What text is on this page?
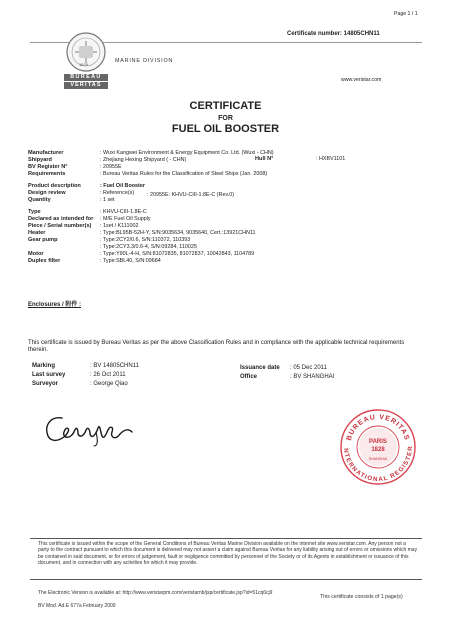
Page 1 / 1
Certificate number: 14805CHN11
1828
BUREAU
VERITAS
MARINE DIVISION
www.veristar.com
CERTIFICATE
FOR
FUEL OIL BOOSTER
Manufacturer	: Wuxi Kangwei Environment & Energy Equipment Co. Ltd. (Wuxi - CHN)
Shipyard	: Zhejiang Hexing Shipyard ( - CHN)
BV Register N°	: 20955E
Hull N°	: HXBV1101
Requirements	: Bureau Veritas Rules for the Classification of Steel Ships (Jan. 2008)
Product description	: Fuel Oil Booster
Design review	: Reference(s) : 20955E: KHVU-CIII-1.8E-C (Rev.0)
Quantity	: 1 set
Type	: KHVU-CIII-1.8E-C
Declared as intended for : M/E Fuel Oil Supply
Piece / Serial number(s) : 1set / K111002
Heater	: Type:BL95B-52H-Y, S/N:9035634, 9035640, Cert.:13921CHN11
Gear pump	: Type:2CY2/0.6, S/N:110372, 110393
: Type:2CY3.3/0.6-4, S/N:09284, 110025
Motor	: Type:Y90L-4-H, S/N:81072835, 81072837, 10042843, 1104789
Duplex filter	: Type:SBL40, S/N:09684
Enclosures / 附件 :
This certificate is issued by Bureau Veritas as per the above Classification Rules and in compliance with the applicable technical requirements therein.
Marking	: BV 14805CHN11
Last survey	: 26 Oct 2011
Surveyor	: George Qiao
Issuance date : 05 Dec 2011
Office	: BV SHANGHAI
BUREAU VERITAS
NTERNATIONAL REGISTER
PARIS
1828
SHANGHAI
This certificate is issued within the scope of the General Conditions of Bureau Veritas Marine Division available on the internet site www.veristar.com. Any person not a party to the contract pursuant to which this document is delivered may not assert a claim against Bureau Veritas for any liability arising out of errors or omissions which may be contained in said document, or for errors of judgement, fault or negligence committed by personnel of the Society or of its Agents in establishment or issuance of this document, and in connection with any activities for which it may provide.
The Electronic Version is available at: http://www.veristarpm.com/veristarnb/jsp/certificate.jsp?id=51cq6cj9
This certificate consists of 1 page(s)
BV Mod. Ad.E 677a February 2009
